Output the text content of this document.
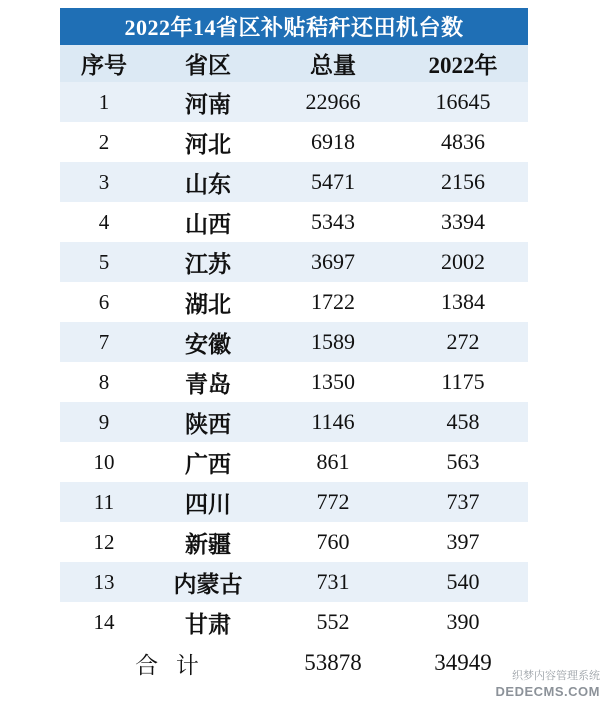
2022年14省区补贴秸秆还田机台数
序号	省区	总量	2022年
1	河南	22966	16645
2	河北	6918	4836
3	山东	5471	2156
4	山西	5343	3394
5	江苏	3697	2002
6	湖北	1722	1384
7	安徽	1589	272
8	青岛	1350	1175
9	陕西	1146	458
10	广西	861	563
11	四川	772	737
12	新疆	760	397
13	内蒙古	731	540
14	甘肃	552	390
合 计		53878	34949
织梦内容管理系统
DEDECMS.COM
